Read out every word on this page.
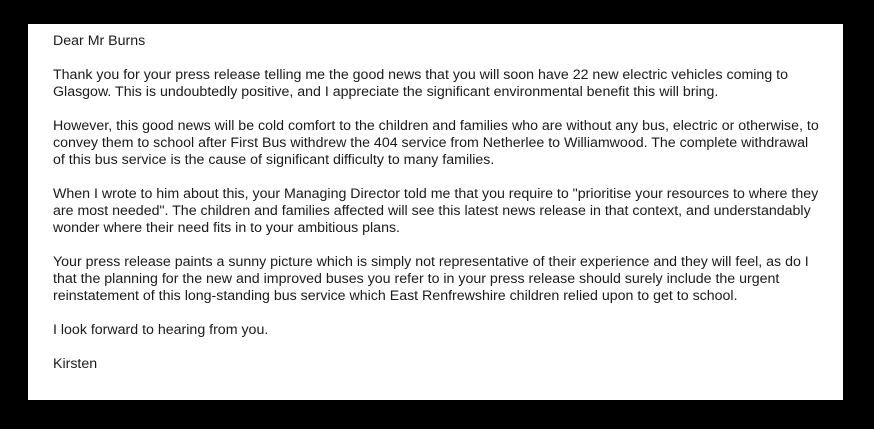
Dear Mr Burns

Thank you for your press release telling me the good news that you will soon have 22 new electric vehicles coming to Glasgow. This is undoubtedly positive, and I appreciate the significant environmental benefit this will bring.

However, this good news will be cold comfort to the children and families who are without any bus, electric or otherwise, to convey them to school after First Bus withdrew the 404 service from Netherlee to Williamwood. The complete withdrawal of this bus service is the cause of significant difficulty to many families.

When I wrote to him about this, your Managing Director told me that you require to "prioritise your resources to where they are most needed". The children and families affected will see this latest news release in that context, and understandably wonder where their need fits in to your ambitious plans.

Your press release paints a sunny picture which is simply not representative of their experience and they will feel, as do I that the planning for the new and improved buses you refer to in your press release should surely include the urgent reinstatement of this long-standing bus service which East Renfrewshire children relied upon to get to school.

I look forward to hearing from you.

Kirsten
